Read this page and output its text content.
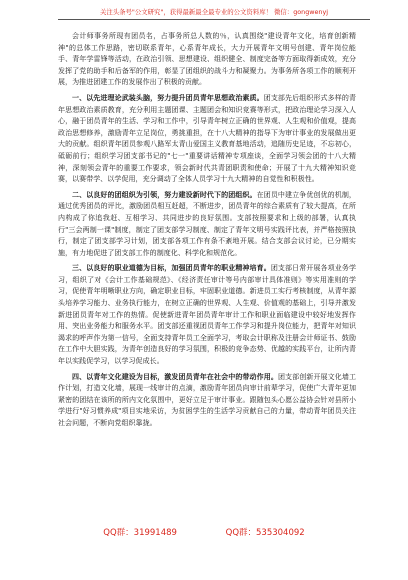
关注头条号"公文研究"，获得最新最全最专业的公文资料库！ 微信：gongwenyj

会计师事务所现有团员名，占事务所总人数的％，认真围绕"建设青年文化，培育创新精神"的总体工作思路，密切联系青年，心系青年成长，大力开展青年文明号创建、青年岗位能手、青年学雷锋等活动，在政治引领、思想建设、组织健全、制度完备等方面取得新成效，充分发挥了党的助手和后备军的作用，彰显了团组织的战斗力和凝聚力。为事务所各项工作的顺利开展，为推进团建工作的发展作出了积极的贡献。

一、以先进理论武装头脑，努力提升团员青年思想政治素质。团支部先后组织形式多样的青年思想政治素质教育，充分利用主题团课、主题团会和知识竞赛等形式，把政治理论学习深入人心，融于团员青年的生活、学习和工作中，引导青年树立正确的世界观、人生观和价值观，提高政治思想修养，激励青年立足岗位，勇挑重担，在十八大精神的指导下为审计事业的发展做出更大的贡献。组织青年团员参观八路军太青山爱国主义教育基地活动，追随历史足迹，不忘初心，砥砺前行；组织学习团支部书记的"七一"重要讲话精神专项座谈，全面学习领会团的十八大精神，深刻领会青年的重要工作要求，领会新时代共青团职责和使命；开展了十九大精神知识竞赛，以赛带学、以学促用，充分调动了全体人员学习十九大精神的自觉性和积极性。

二、以良好的团组织为引领，努力建设新时代下的团组织。在团员中建立争优创优的机制，通过优秀团员的评比，激励团员相互赶超，不断进步，团员青年的综合素质有了较大提高，在所内构成了你追我赶、互相学习、共同进步的良好氛围。支部按照要求和上级的部署，认真执行"三会两制一课"制度，制定了团支部学习制度、制定了青年文明号实践评比表，并严格按照执行，制定了团支部学习计划，团支部各项工作有条不紊地开展。结合支部会议讨论，已分期实施，有力地促进了团支部工作的制度化、科学化和规范化。

三、以良好的职业道德为目标，加强团员青年的职业精神培育。团支部日常开展各项业务学习，组织了对《会计工作基础规范》、《经济责任审计等号内部审计具体准则》等实用准则的学习，促使青年明晰职业方向，确定职业目标，牢固职业道德。新进员工实行考核制度，从青年源头培养学习能力、业务执行能力，在树立正确的世界观、人生观、价值观的基础上，引导并激发新进团员青年对工作的热情。促使新进青年团员青年审计工作和职业面临建设中较好地发挥作用、突出业务能力和服务水平。团支部还重视团员青年工作学习和提升岗位能力，把青年对知识渴求的呼声作为第一信号，全面支持青年员工全面学习，考取会计职称及注册会计师证书、鼓励在工作中大胆实践，为青年创造良好的学习氛围，积极的竞争态势、优越的实践平台，让所内青年以实践促学习，以学习促成长。

四、以青年文化建设为目标，激发团员青年在社会中的带动作用。团支部创新开展文化墙工作计划，打造文化墙，展现一线审计的点滴，激励青年团员向审计前辈学习，促使广大青年更加紧密的团结在该所的所内文化氛围中，更好立足于审计事业。跟随包头心愿公益协会针对县所小学进行"好习惯养成"项目实地采访，为贫困学生的生活学习贡献自己的力量，带动青年团员关注社会问题，不断向党组织靠拢。

QQ群：31991489	QQ群：535304092
